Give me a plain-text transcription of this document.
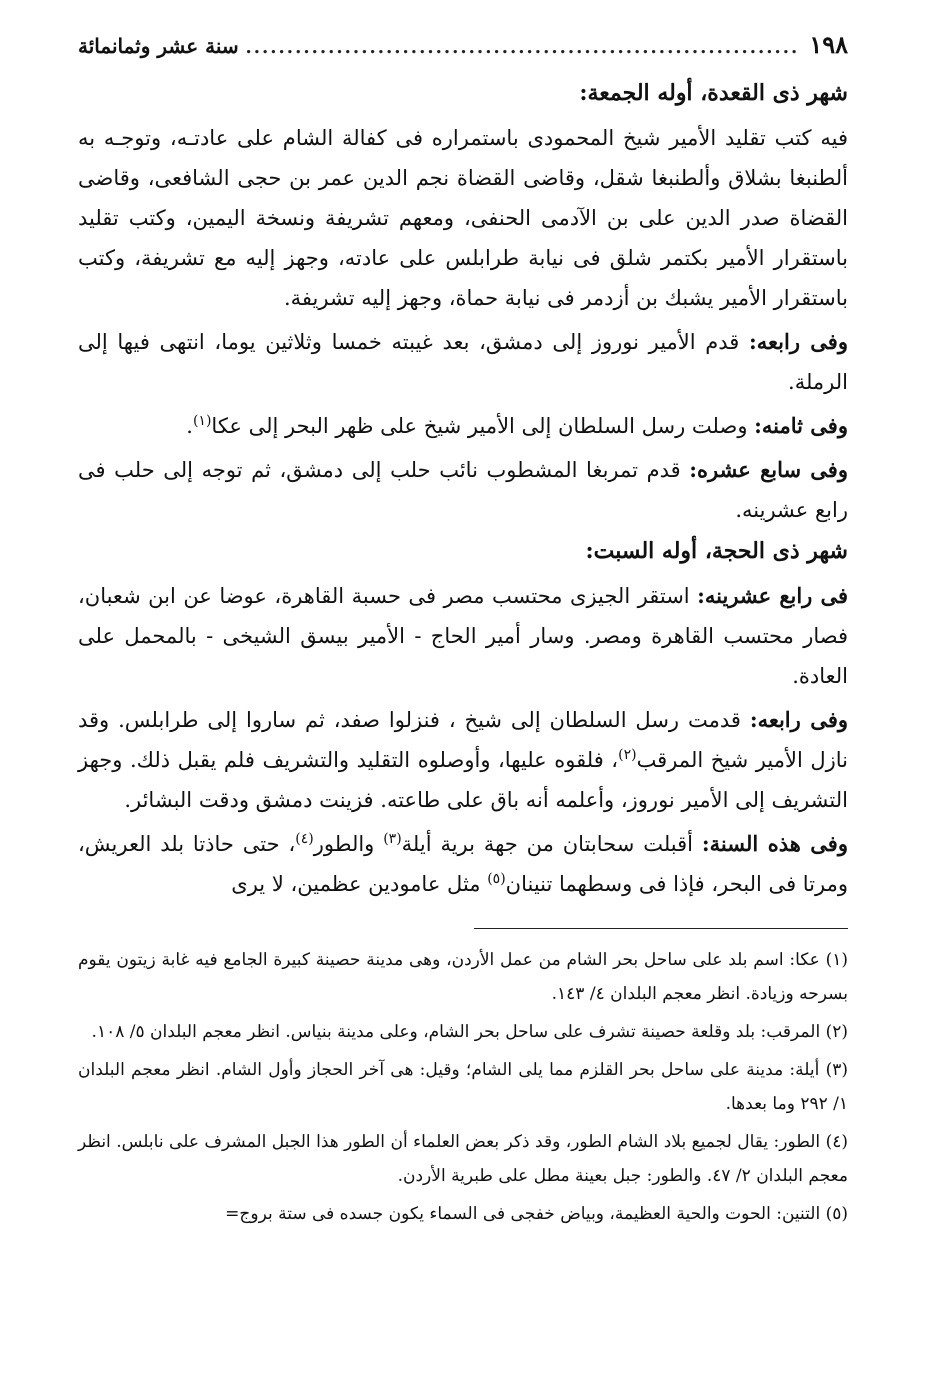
١٩٨
.....
سنة عشر وثمانمائة
شهر ذى القعدة، أوله الجمعة:

فيه كتب تقليد الأمير شيخ المحمودى باستمراره فى كفالة الشام على عادتـه، وتوجـه به ألطنبغا بشلاق وألطنبغا شقل، وقاضى القضاة نجم الدين عمر بن حجى الشافعى، وقاضى القضاة صدر الدين على بن الآدمى الحنفى، ومعهم تشريفة ونسخة اليمين، وكتب تقليد باستقرار الأمير بكتمر شلق فى نيابة طرابلس على عادته، وجهز إليه مع تشريفة، وكتب باستقرار الأمير يشبك بن أزدمر فى نيابة حماة، وجهز إليه تشريفة.

وفى رابعه: قدم الأمير نوروز إلى دمشق، بعد غيبته خمسا وثلاثين يوما، انتهى فيها إلى الرملة.

وفى ثامنه: وصلت رسل السلطان إلى الأمير شيخ على ظهر البحر إلى عكا$^{(١)}$.

وفى سابع عشره: قدم تمربغا المشطوب نائب حلب إلى دمشق، ثم توجه إلى حلب فى رابع عشرينه.

شهر ذى الحجة، أوله السبت:

فى رابع عشرينه: استقر الجيزى محتسب مصر فى حسبة القاهرة، عوضا عن ابن شعبان، فصار محتسب القاهرة ومصر. وسار أمير الحاج - الأمير بيسق الشيخى - بالمحمل على العادة.

وفى رابعه: قدمت رسل السلطان إلى شيخ ، فنزلوا صفد، ثم ساروا إلى طرابلس. وقد نازل الأمير شيخ المرقب$^{(٢)}$، فلقوه عليها، وأوصلوه التقليد والتشريف فلم يقبل ذلك. وجهز التشريف إلى الأمير نوروز، وأعلمه أنه باق على طاعته. فزينت دمشق ودقت البشائر.

وفى هذه السنة: أقبلت سحابتان من جهة برية أيلة$^{(٣)}$ والطور$^{(٤)}$، حتى حاذتا بلد العريش، ومرتا فى البحر، فإذا فى وسطهما تنينان$^{(٥)}$ مثل عامودين عظمين، لا يرى

(١) عكا: اسم بلد على ساحل بحر الشام من عمل الأردن، وهى مدينة حصينة كبيرة الجامع فيه غابة زيتون يقوم بسرحه وزيادة. انظر معجم البلدان ٤/ ١٤٣.

(٢) المرقب: بلد وقلعة حصينة تشرف على ساحل بحر الشام، وعلى مدينة بنياس. انظر معجم البلدان ٥/ ١٠٨.

(٣) أيلة: مدينة على ساحل بحر القلزم مما يلى الشام؛ وقيل: هى آخر الحجاز وأول الشام. انظر معجم البلدان ١/ ٢٩٢ وما بعدها.

(٤) الطور: يقال لجميع بلاد الشام الطور، وقد ذكر بعض العلماء أن الطور هذا الجبل المشرف على نابلس. انظر معجم البلدان ٢/ ٤٧. والطور: جبل بعينة مطل على طبرية الأردن.

(٥) التنين: الحوت والحية العظيمة، وبياض خفجى فى السماء يكون جسده فى ستة بروج=
